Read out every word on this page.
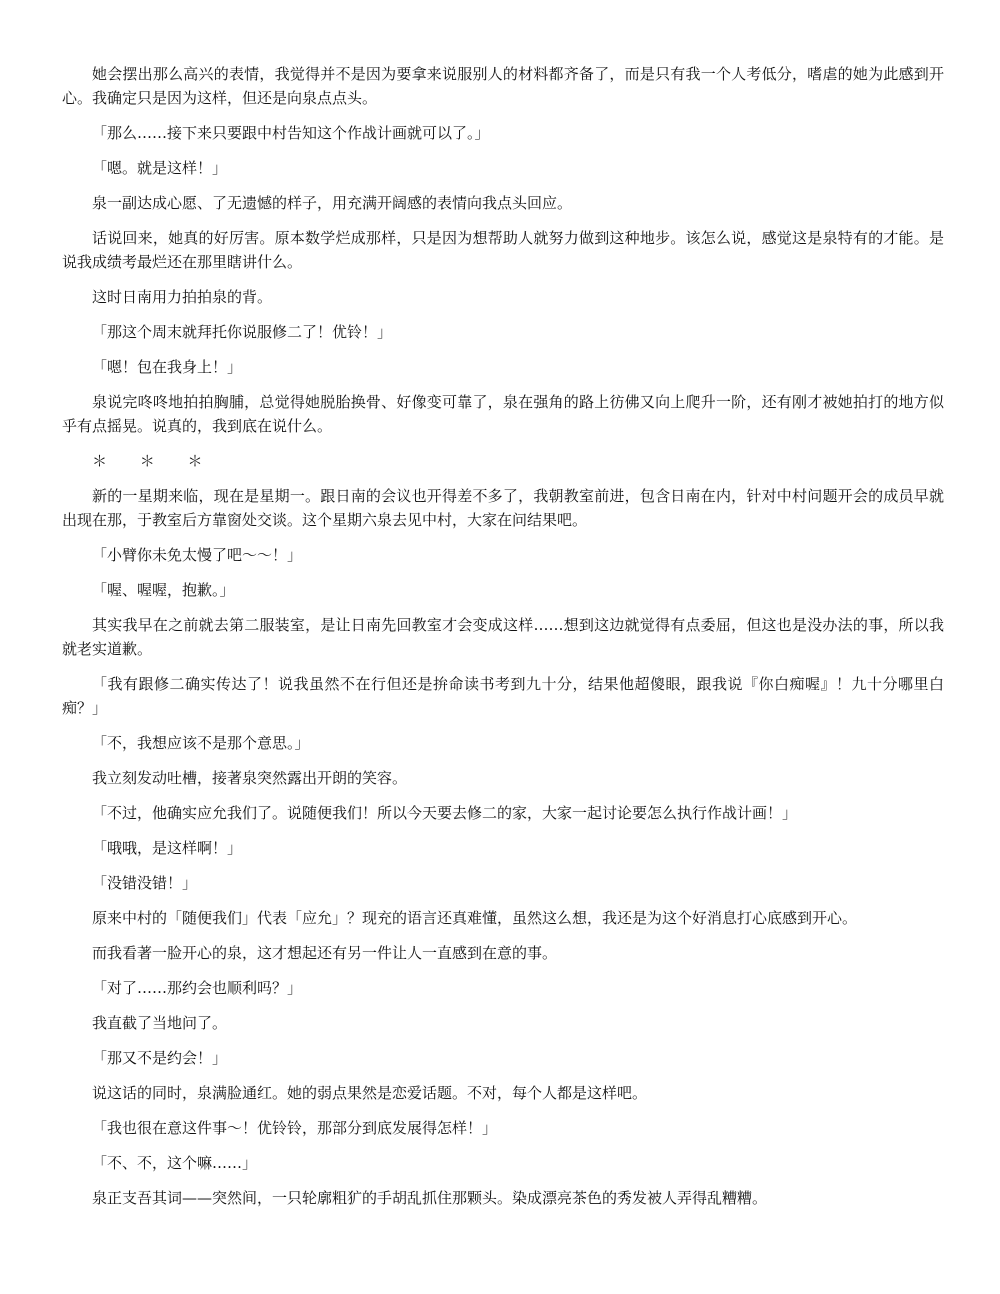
她会摆出那么高兴的表情，我觉得并不是因为要拿来说服别人的材料都齐备了，而是只有我一个人考低分，嗜虐的她为此感到开心。我确定只是因为这样，但还是向泉点点头。

「那么……接下来只要跟中村告知这个作战计画就可以了。」

「嗯。就是这样！」

泉一副达成心愿、了无遗憾的样子，用充满开阔感的表情向我点头回应。

话说回来，她真的好厉害。原本数学烂成那样，只是因为想帮助人就努力做到这种地步。该怎么说，感觉这是泉特有的才能。是说我成绩考最烂还在那里瞎讲什么。

这时日南用力拍拍泉的背。

「那这个周末就拜托你说服修二了！优铃！」

「嗯！包在我身上！」

泉说完咚咚地拍拍胸脯，总觉得她脱胎换骨、好像变可靠了，泉在强角的路上彷佛又向上爬升一阶，还有刚才被她拍打的地方似乎有点摇晃。说真的，我到底在说什么。

＊ ＊ ＊

新的一星期来临，现在是星期一。跟日南的会议也开得差不多了，我朝教室前进，包含日南在内，针对中村问题开会的成员早就出现在那，于教室后方靠窗处交谈。这个星期六泉去见中村，大家在问结果吧。

「小臂你未免太慢了吧～～！」

「喔、喔喔，抱歉。」

其实我早在之前就去第二服装室，是让日南先回教室才会变成这样……想到这边就觉得有点委屈，但这也是没办法的事，所以我就老实道歉。

「我有跟修二确实传达了！说我虽然不在行但还是拚命读书考到九十分，结果他超傻眼，跟我说『你白痴喔』！九十分哪里白痴？」

「不，我想应该不是那个意思。」

我立刻发动吐槽，接著泉突然露出开朗的笑容。

「不过，他确实应允我们了。说随便我们！所以今天要去修二的家，大家一起讨论要怎么执行作战计画！」

「哦哦，是这样啊！」

「没错没错！」

原来中村的「随便我们」代表「应允」？现充的语言还真难懂，虽然这么想，我还是为这个好消息打心底感到开心。

而我看著一脸开心的泉，这才想起还有另一件让人一直感到在意的事。

「对了……那约会也顺利吗？」

我直截了当地问了。

「那又不是约会！」

说这话的同时，泉满脸通红。她的弱点果然是恋爱话题。不对，每个人都是这样吧。

「我也很在意这件事～！优铃铃，那部分到底发展得怎样！」

「不、不，这个嘛……」

泉正支吾其词——突然间，一只轮廓粗犷的手胡乱抓住那颗头。染成漂亮茶色的秀发被人弄得乱糟糟。
